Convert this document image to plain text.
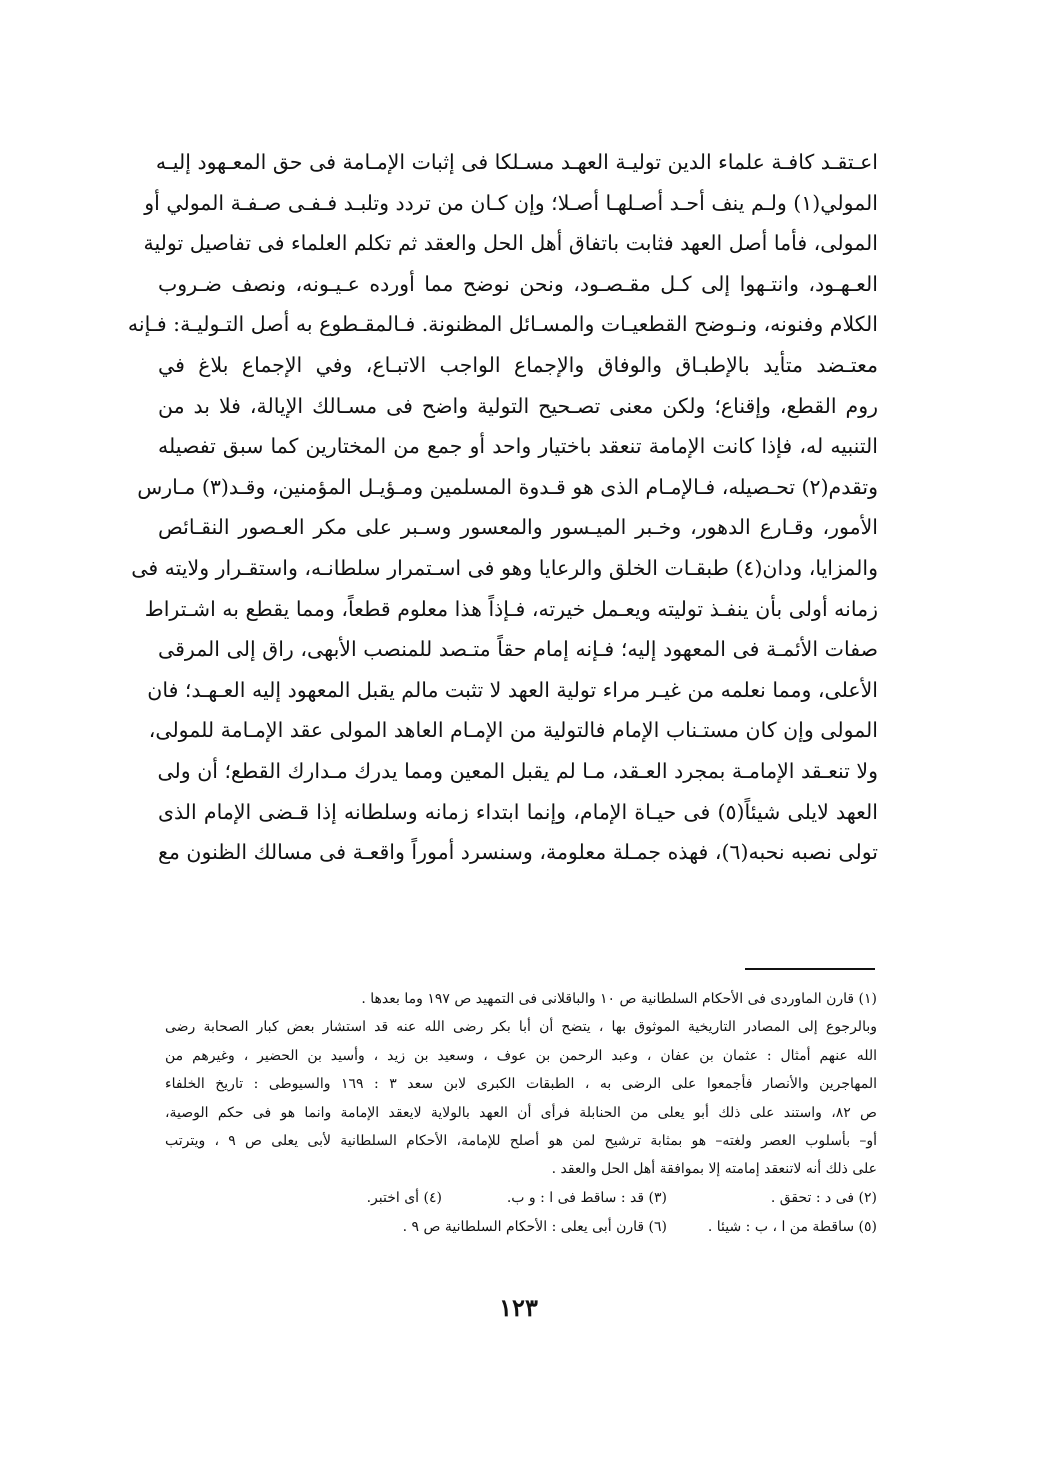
اعـتقـد كافـة علماء الدين توليـة العهـد مسـلكا فى إثبات الإمـامة فى حق المعـهود إليـه
المولي(١) ولـم ينف أحـد أصـلهـا أصـلا؛ وإن كـان من تردد وتلبـد فـفـى صـفـة المولي أو
المولى، فأما أصل العهد فثابت باتفاق أهل الحل والعقد ثم تكلم العلماء فى تفاصيل تولية
العـهـود، وانتـهوا إلى كـل مقـصـود، ونحن نوضح مما أورده عـيـونه، ونصف ضـروب
الكلام وفنونه، ونـوضح القطعيـات والمسـائل المظنونة. فـالمقـطوع به أصل التـوليـة: فـإنه
معتـضد متأيد بالإطبـاق والوفاق والإجماع الواجب الاتبـاع، وفي الإجماع بلاغ في
روم القطع، وإقناع؛ ولكن معنى تصـحيح التولية واضح فى مسـالك الإيالة، فلا بد من
التنبيه له، فإذا كانت الإمامة تنعقد باختيار واحد أو جمع من المختارين كما سبق تفصيله
وتقدم(٢) تحـصيله، فـالإمـام الذى هو قـدوة المسلمين ومـؤيـل المؤمنين، وقـد(٣) مـارس
الأمور، وقـارع الدهور، وخـبر الميـسور والمعسور وسـبر على مكر العـصور النقـائص
والمزايا، ودان(٤) طبقـات الخلق والرعايا وهو فى اسـتمرار سلطانـه، واستقـرار ولايته فى
زمانه أولى بأن ينفـذ توليته ويعـمل خيرته، فـإذاً هذا معلوم قطعاً، ومما يقطع به اشـتراط
صفات الأئمـة فى المعهود إليه؛ فـإنه إمام حقاً متـصد للمنصب الأبهى، راق إلى المرقى
الأعلى، ومما نعلمه من غيـر مراء تولية العهد لا تثبت مالم يقبل المعهود إليه العـهـد؛ فان
المولى وإن كان مستـناب الإمام فالتولية من الإمـام العاهد المولى عقد الإمـامة للمولى،
ولا تنعـقد الإمامـة بمجرد العـقد، مـا لم يقبل المعين ومما يدرك مـدارك القطع؛ أن ولى
العهد لايلى شيئاً(٥) فى حيـاة الإمام، وإنما ابتداء زمانه وسلطانه إذا قـضى الإمام الذى
تولى نصبه نحبه(٦)، فهذه جمـلة معلومة، وسنسرد أموراً واقعـة فى مسالك الظنون مع
(١) قارن الماوردى فى الأحكام السلطانية ص ١٠ والباقلانى فى التمهيد ص ١٩٧ وما بعدها .
وبالرجوع إلى المصادر التاريخية الموثوق بها ، يتضح أن أبا بكر رضى الله عنه قد استشار بعض كبار الصحابة رضى
الله عنهم أمثال : عثمان بن عفان ، وعبد الرحمن بن عوف ، وسعيد بن زيد ، وأسيد بن الحضير ، وغيرهم من
المهاجرين والأنصار فأجمعوا على الرضى به ، الطبقات الكبرى لابن سعد ٣ : ١٦٩ والسيوطى : تاريخ الخلفاء
ص ٨٢، واستند على ذلك أبو يعلى من الحنابلة فرأى أن العهد بالولاية لايعقد الإمامة وانما هو فى حكم الوصية،
أو– بأسلوب العصر ولغته– هو بمثابة ترشيح لمن هو أصلح للإمامة، الأحكام السلطانية لأبى يعلى ص ٩ ، ويترتب
على ذلك أنه لاتنعقد إمامته إلا بموافقة أهل الحل والعقد .
(٢) فى د : تحقق .
(٣) قد : ساقط فى ا : و ب.
(٤) أى اختبر.
(٥) ساقطة من ا ، ب : شيئا .
(٦) قارن أبى يعلى : الأحكام السلطانية ص ٩ .
١٢٣
